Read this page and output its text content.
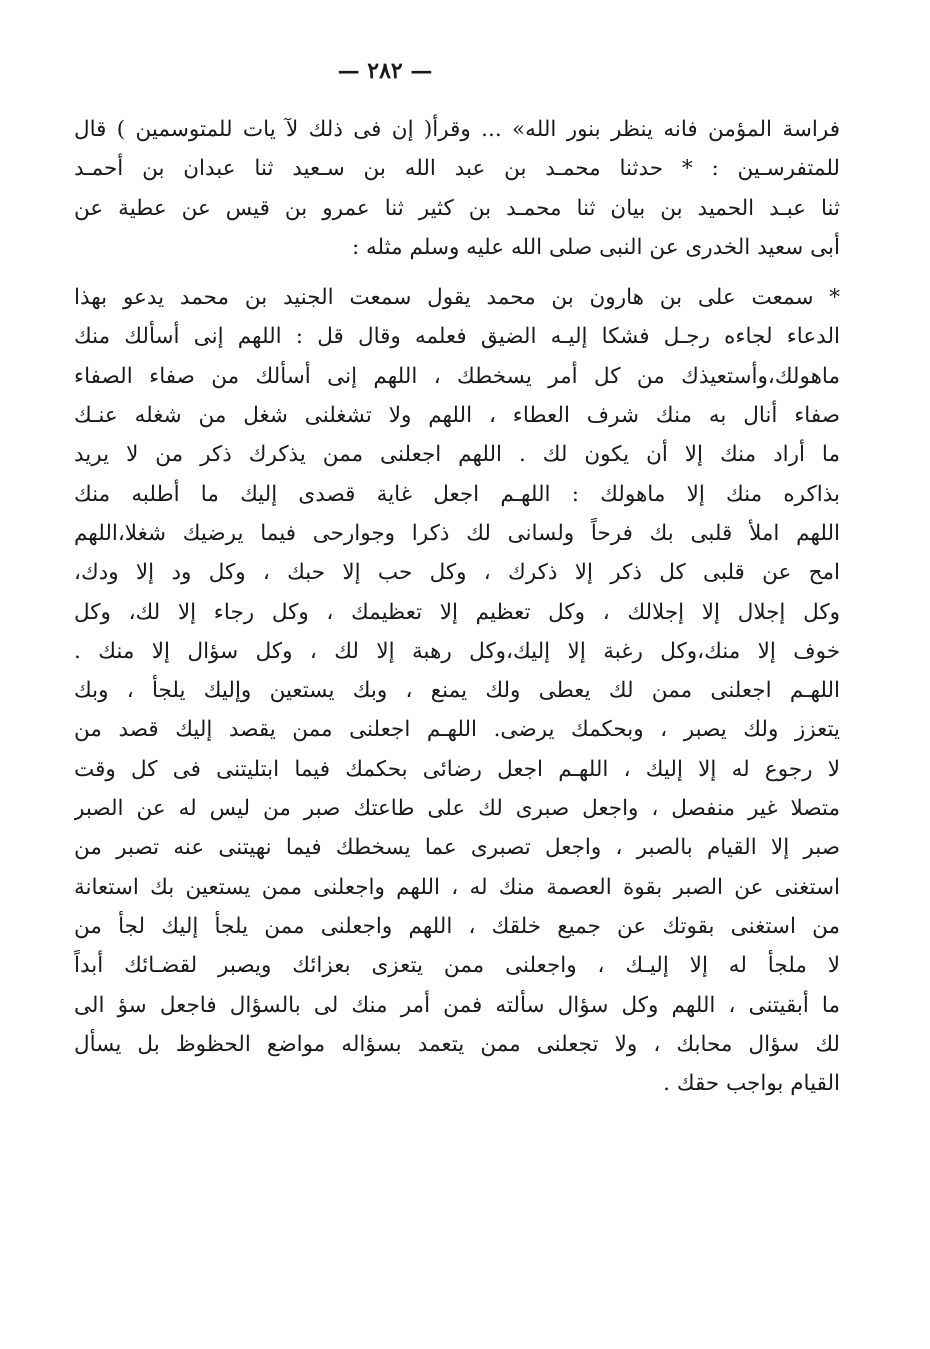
— ٢٨٢ —
فراسة المؤمن فانه ينظر بنور الله» ... وقرأ( إن فى ذلك لآ يات للمتوسمين ) قال
للمتفرسـين : * حدثنا محمـد بن عبد الله بن سـعيد ثنا عبدان بن أحمـد
ثنا عبـد الحميد بن بيان ثنا محمـد بن كثير ثنا عمرو بن قيس عن عطية عن
أبى سعيد الخدرى عن النبى صلى الله عليه وسلم مثله :
* سمعت على بن هارون بن محمد يقول سمعت الجنيد بن محمد يدعو بهذا
الدعاء لجاءه رجـل فشكا إليـه الضيق فعلمه وقال قل : اللهم إنى أسألك منك
ماهولك،وأستعيذك من كل أمر يسخطك ، اللهم إنى أسألك من صفاء الصفاء
صفاء أنال به منك شرف العطاء ، اللهم ولا تشغلنى شغل من شغله عنـك
ما أراد منك إلا أن يكون لك . اللهم اجعلنى ممن يذكرك ذكر من لا يريد
بذاكره منك إلا ماهولك : اللهـم اجعل غاية قصدى إليك ما أطلبه منك
اللهم املأ قلبى بك فرحاً ولسانى لك ذكرا وجوارحى فيما يرضيك شغلا،اللهم
امح عن قلبى كل ذكر إلا ذكرك ، وكل حب إلا حبك ، وكل ود إلا ودك،
وكل إجلال إلا إجلالك ، وكل تعظيم إلا تعظيمك ، وكل رجاء إلا لك، وكل
خوف إلا منك،وكل رغبة إلا إليك،وكل رهبة إلا لك ، وكل سؤال إلا منك .
اللهـم اجعلنى ممن لك يعطى ولك يمنع ، وبك يستعين وإليك يلجأ ، وبك
يتعزز ولك يصبر ، وبحكمك يرضى. اللهـم اجعلنى ممن يقصد إليك قصد من
لا رجوع له إلا إليك ، اللهـم اجعل رضائى بحكمك فيما ابتليتنى فى كل وقت
متصلا غير منفصل ، واجعل صبرى لك على طاعتك صبر من ليس له عن الصبر
صبر إلا القيام بالصبر ، واجعل تصبرى عما يسخطك فيما نهيتنى عنه تصبر من
استغنى عن الصبر بقوة العصمة منك له ، اللهم واجعلنى ممن يستعين بك استعانة
من استغنى بقوتك عن جميع خلقك ، اللهم واجعلنى ممن يلجأ إليك لجأ من
لا ملجأ له إلا إليـك ، واجعلنى ممن يتعزى بعزائك ويصبر لقضـائك أبداً
ما أبقيتنى ، اللهم وكل سؤال سألته فمن أمر منك لى بالسؤال فاجعل سؤ الى
لك سؤال محابك ، ولا تجعلنى ممن يتعمد بسؤاله مواضع الحظوظ بل يسأل
القيام بواجب حقك .
